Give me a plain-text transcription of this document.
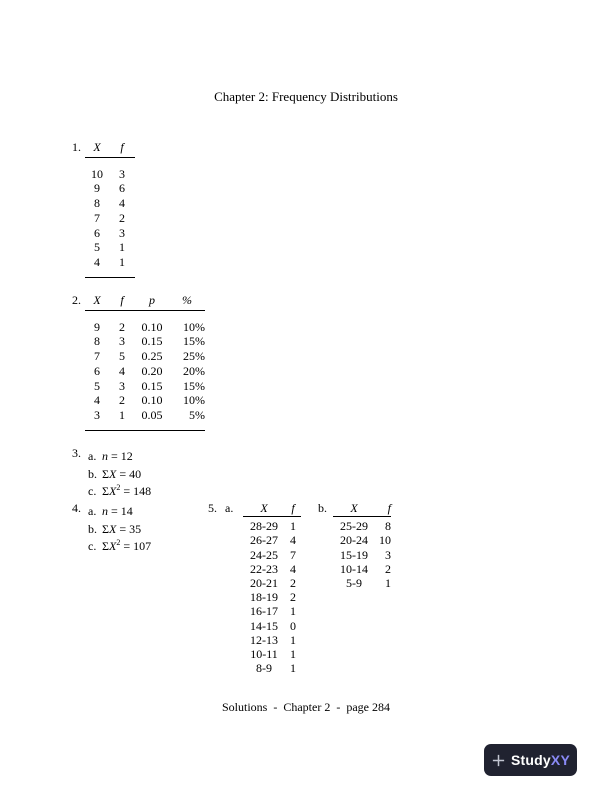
Chapter 2: Frequency Distributions
1.	X	f
10	3
9	6
8	4
7	2
6	3
5	1
4	1
2.	X	f	p	%
9	2	0.10	10%
8	3	0.15	15%
7	5	0.25	25%
6	4	0.20	20%
5	3	0.15	15%
4	2	0.10	10%
3	1	0.05	5%
3. a. n = 12
b. ΣX = 40
c. $\Sigma X^2 = 148$
4. a. n = 14
b. ΣX = 35
c. $\Sigma X^2 = 107$
5. a.	X	f
28-29	1
26-27	4
24-25	7
22-23	4
20-21	2
18-19	2
16-17	1
14-15	0
12-13	1
10-11	1
8-9	1
b.	X	f
25-29	8
20-24 10
15-19	3
10-14	2
5-9	1
Solutions  -  Chapter 2  -  page 284
StudyXY
